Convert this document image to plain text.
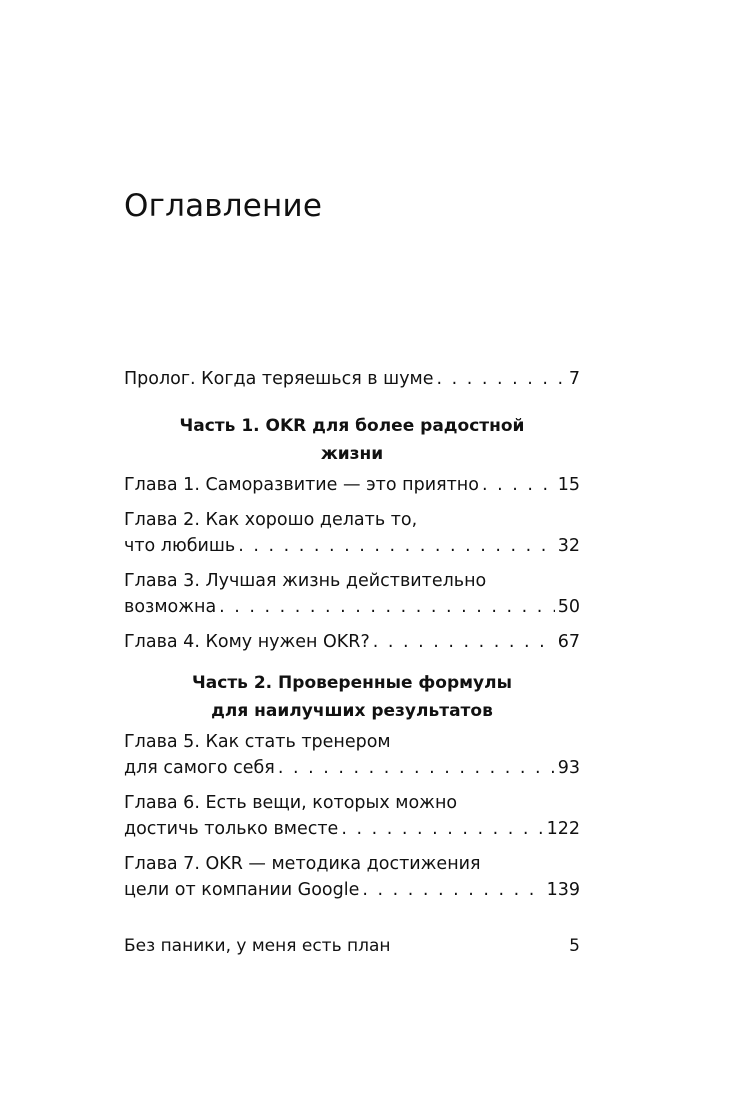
Оглавление
Пролог. Когда теряешься в шуме . . .	7
Часть 1. OKR для более радостной жизни
Глава 1. Саморазвитие — это приятно . . .	15
Глава 2. Как хорошо делать то,
что любишь . . .	32
Глава 3. Лучшая жизнь действительно
возможна . . .	50
Глава 4. Кому нужен OKR? . . .	67
Часть 2. Проверенные формулы для наилучших результатов
Глава 5. Как стать тренером
для самого себя . . .	93
Глава 6. Есть вещи, которых можно
достичь только вместе . . .	122
Глава 7. OKR — методика достижения
цели от компании Google . . .	139
Без паники, у меня есть план	5
